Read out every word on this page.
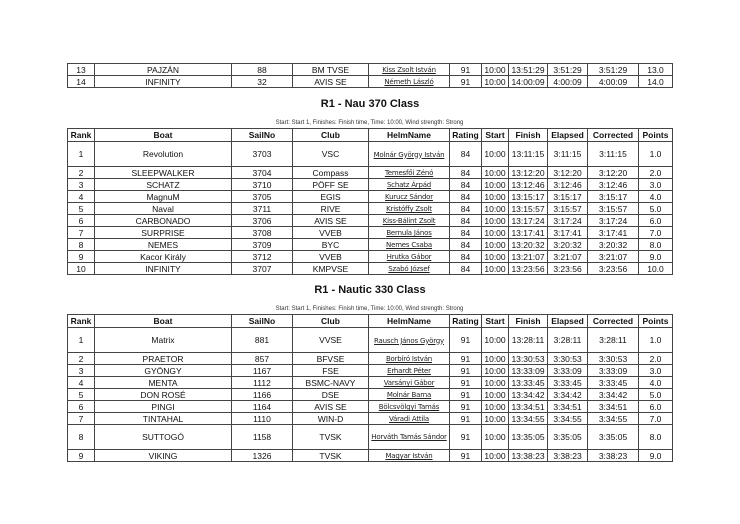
13	PAJZÁN	88	BM TVSE	Kiss Zsolt István	91	10:00	13:51:29	3:51:29	3:51:29	13.0
14	INFINITY	32	AVIS SE	Németh László	91	10:00	14:00:09	4:00:09	4:00:09	14.0
R1 - Nau 370 Class
Start: Start 1, Finishes: Finish time, Time: 10:00, Wind strength: Strong
Rank	Boat	SailNo	Club	HelmName	Rating	Start	Finish	Elapsed	Corrected	Points
1	Revolution	3703	VSC	Molnár György István	84	10:00	13:11:15	3:11:15	3:11:15	1.0
2	SLEEPWALKER	3704	Compass	Temesfői Zénó	84	10:00	13:12:20	3:12:20	3:12:20	2.0
3	SCHATZ	3710	PÖFF SE	Schatz Árpád	84	10:00	13:12:46	3:12:46	3:12:46	3.0
4	MagnuM	3705	EGIS	Kurucz Sándor	84	10:00	13:15:17	3:15:17	3:15:17	4.0
5	Naval	3711	RIVE	Kristóffy Zsolt	84	10:00	13:15:57	3:15:57	3:15:57	5.0
6	CARBONADO	3706	AVIS SE	Kiss-Bálint Zsolt	84	10:00	13:17:24	3:17:24	3:17:24	6.0
7	SURPRISE	3708	VVEB	Bernula János	84	10:00	13:17:41	3:17:41	3:17:41	7.0
8	NEMES	3709	BYC	Nemes Csaba	84	10:00	13:20:32	3:20:32	3:20:32	8.0
9	Kacor Király	3712	VVEB	Hrutka Gábor	84	10:00	13:21:07	3:21:07	3:21:07	9.0
10	INFINITY	3707	KMPVSE	Szabó József	84	10:00	13:23:56	3:23:56	3:23:56	10.0
R1 - Nautic 330 Class
Start: Start 1, Finishes: Finish time, Time: 10:00, Wind strength: Strong
Rank	Boat	SailNo	Club	HelmName	Rating	Start	Finish	Elapsed	Corrected	Points
1	Matrix	881	VVSE	Rausch János György	91	10:00	13:28:11	3:28:11	3:28:11	1.0
2	PRAETOR	857	BFVSE	Borbíró István	91	10:00	13:30:53	3:30:53	3:30:53	2.0
3	GYÖNGY	1167	FSE	Erhardt Péter	91	10:00	13:33:09	3:33:09	3:33:09	3.0
4	MENTA	1112	BSMC-NAVY	Varsányi Gábor	91	10:00	13:33:45	3:33:45	3:33:45	4.0
5	DON ROSÉ	1166	DSE	Molnár Barna	91	10:00	13:34:42	3:34:42	3:34:42	5.0
6	PINGI	1164	AVIS SE	Bölcsvölgyi Tamás	91	10:00	13:34:51	3:34:51	3:34:51	6.0
7	TINTAHAL	1110	WIN-D	Váradi Attila	91	10:00	13:34:55	3:34:55	3:34:55	7.0
8	SUTTOGÓ	1158	TVSK	Horváth Tamás Sándor	91	10:00	13:35:05	3:35:05	3:35:05	8.0
9	VIKING	1326	TVSK	Magyar István	91	10:00	13:38:23	3:38:23	3:38:23	9.0
